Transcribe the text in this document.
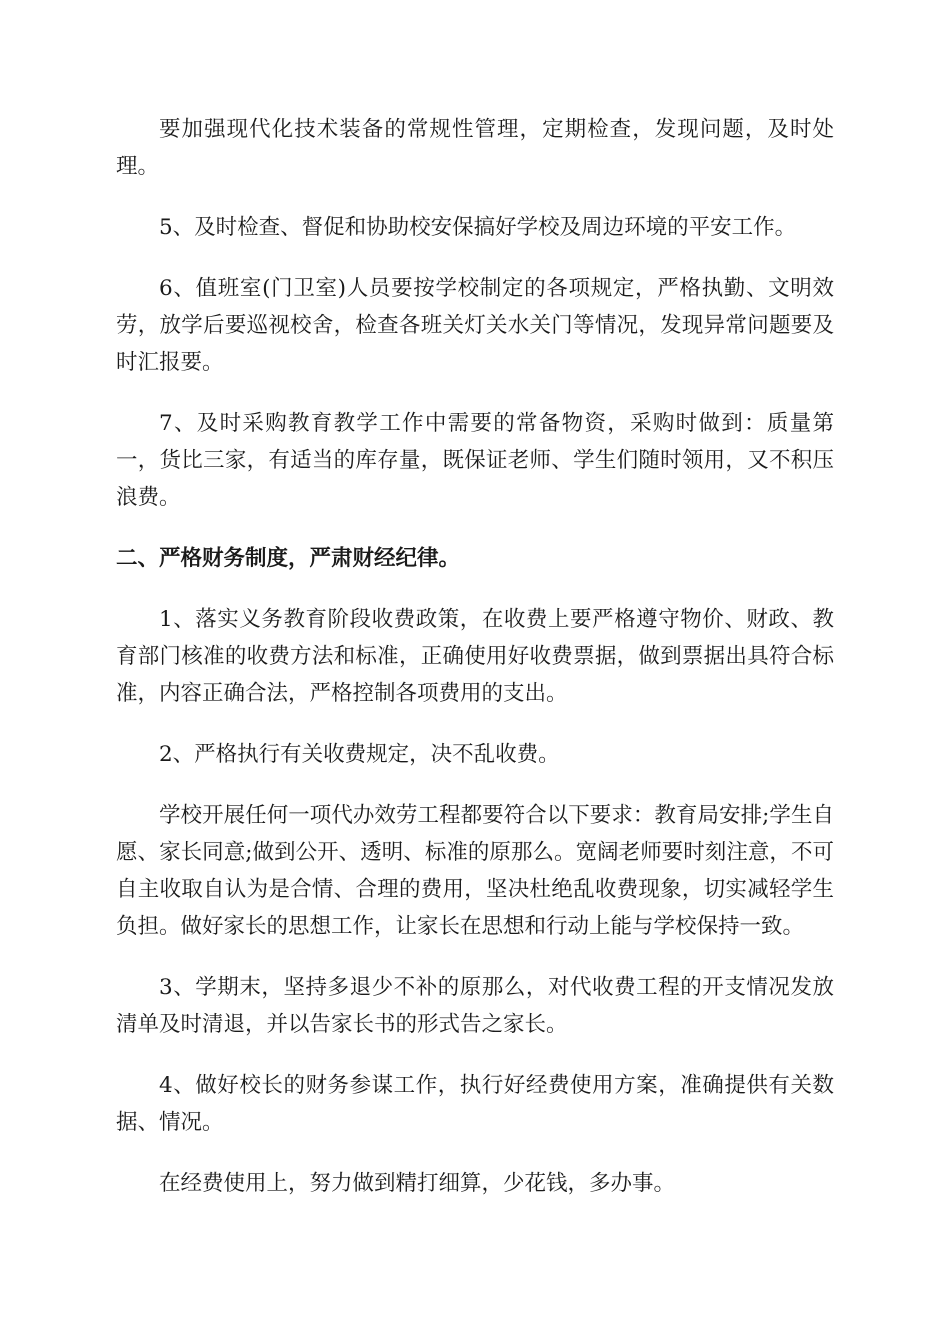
要加强现代化技术装备的常规性管理，定期检查，发现问题，及时处理。

5、及时检查、督促和协助校安保搞好学校及周边环境的平安工作。

6、值班室(门卫室)人员要按学校制定的各项规定，严格执勤、文明效劳，放学后要巡视校舍，检查各班关灯关水关门等情况，发现异常问题要及时汇报要。

7、及时采购教育教学工作中需要的常备物资，采购时做到：质量第一，货比三家，有适当的库存量，既保证老师、学生们随时领用，又不积压浪费。

二、严格财务制度，严肃财经纪律。

1、落实义务教育阶段收费政策，在收费上要严格遵守物价、财政、教育部门核准的收费方法和标准，正确使用好收费票据，做到票据出具符合标准，内容正确合法，严格控制各项费用的支出。

2、严格执行有关收费规定，决不乱收费。

学校开展任何一项代办效劳工程都要符合以下要求：教育局安排;学生自愿、家长同意;做到公开、透明、标准的原那么。宽阔老师要时刻注意，不可自主收取自认为是合情、合理的费用，坚决杜绝乱收费现象，切实减轻学生负担。做好家长的思想工作，让家长在思想和行动上能与学校保持一致。

3、学期末，坚持多退少不补的原那么，对代收费工程的开支情况发放清单及时清退，并以告家长书的形式告之家长。

4、做好校长的财务参谋工作，执行好经费使用方案，准确提供有关数据、情况。

在经费使用上，努力做到精打细算，少花钱，多办事。
